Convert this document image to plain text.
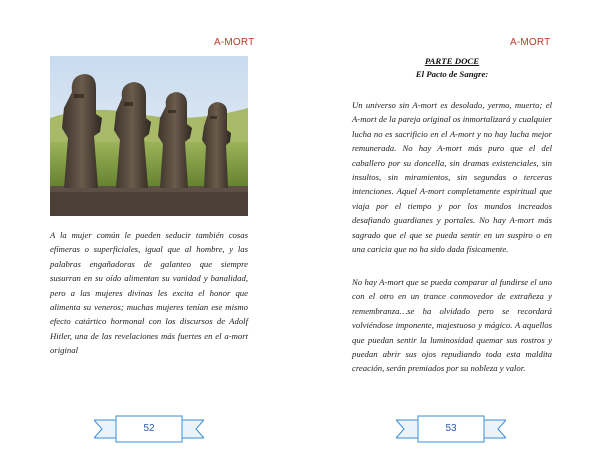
A-MORT

A la mujer común le pueden seducir también cosas efímeras o superficiales, igual que al hombre, y las palabras engañadoras de galanteo que siempre susurran en su oído alimentan su vanidad y banalidad, pero a las mujeres divinas les excita el honor que alimenta su veneros; muchas mujeres tenían ese mismo efecto catártico hormonal con los discursos de Adolf Hitler, una de las revelaciones más fuertes en el a-mort original

52
A-MORT
PARTE DOCE
El Pacto de Sangre:

Un universo sin A-mort es desolado, yermo, muerto; el A-mort de la pareja original os inmortalizará y cualquier lucha no es sacrificio en el A-mort y no hay lucha mejor remunerada. No hay A-mort más puro que el del caballero por su doncella, sin dramas existenciales, sin insultos, sin miramientos, sin segundas o terceras intenciones. Aquel A-mort completamente espiritual que viaja por el tiempo y por los mundos increados desafiando guardianes y portales. No hay A-mort más sagrado que el que se pueda sentir en un suspiro o en una caricia que no ha sido dada físicamente.

No hay A-mort que se pueda comparar al fundirse el uno con el otro en un trance conmovedor de extrañeza y remembranza…se ha olvidado pero se recordará volviéndose imponente, majestuoso y mágico. A aquellos que puedan sentir la luminosidad quemar sus rostros y puedan abrir sus ojos repudiando toda esta maldita creación, serán premiados por su nobleza y valor.

53
